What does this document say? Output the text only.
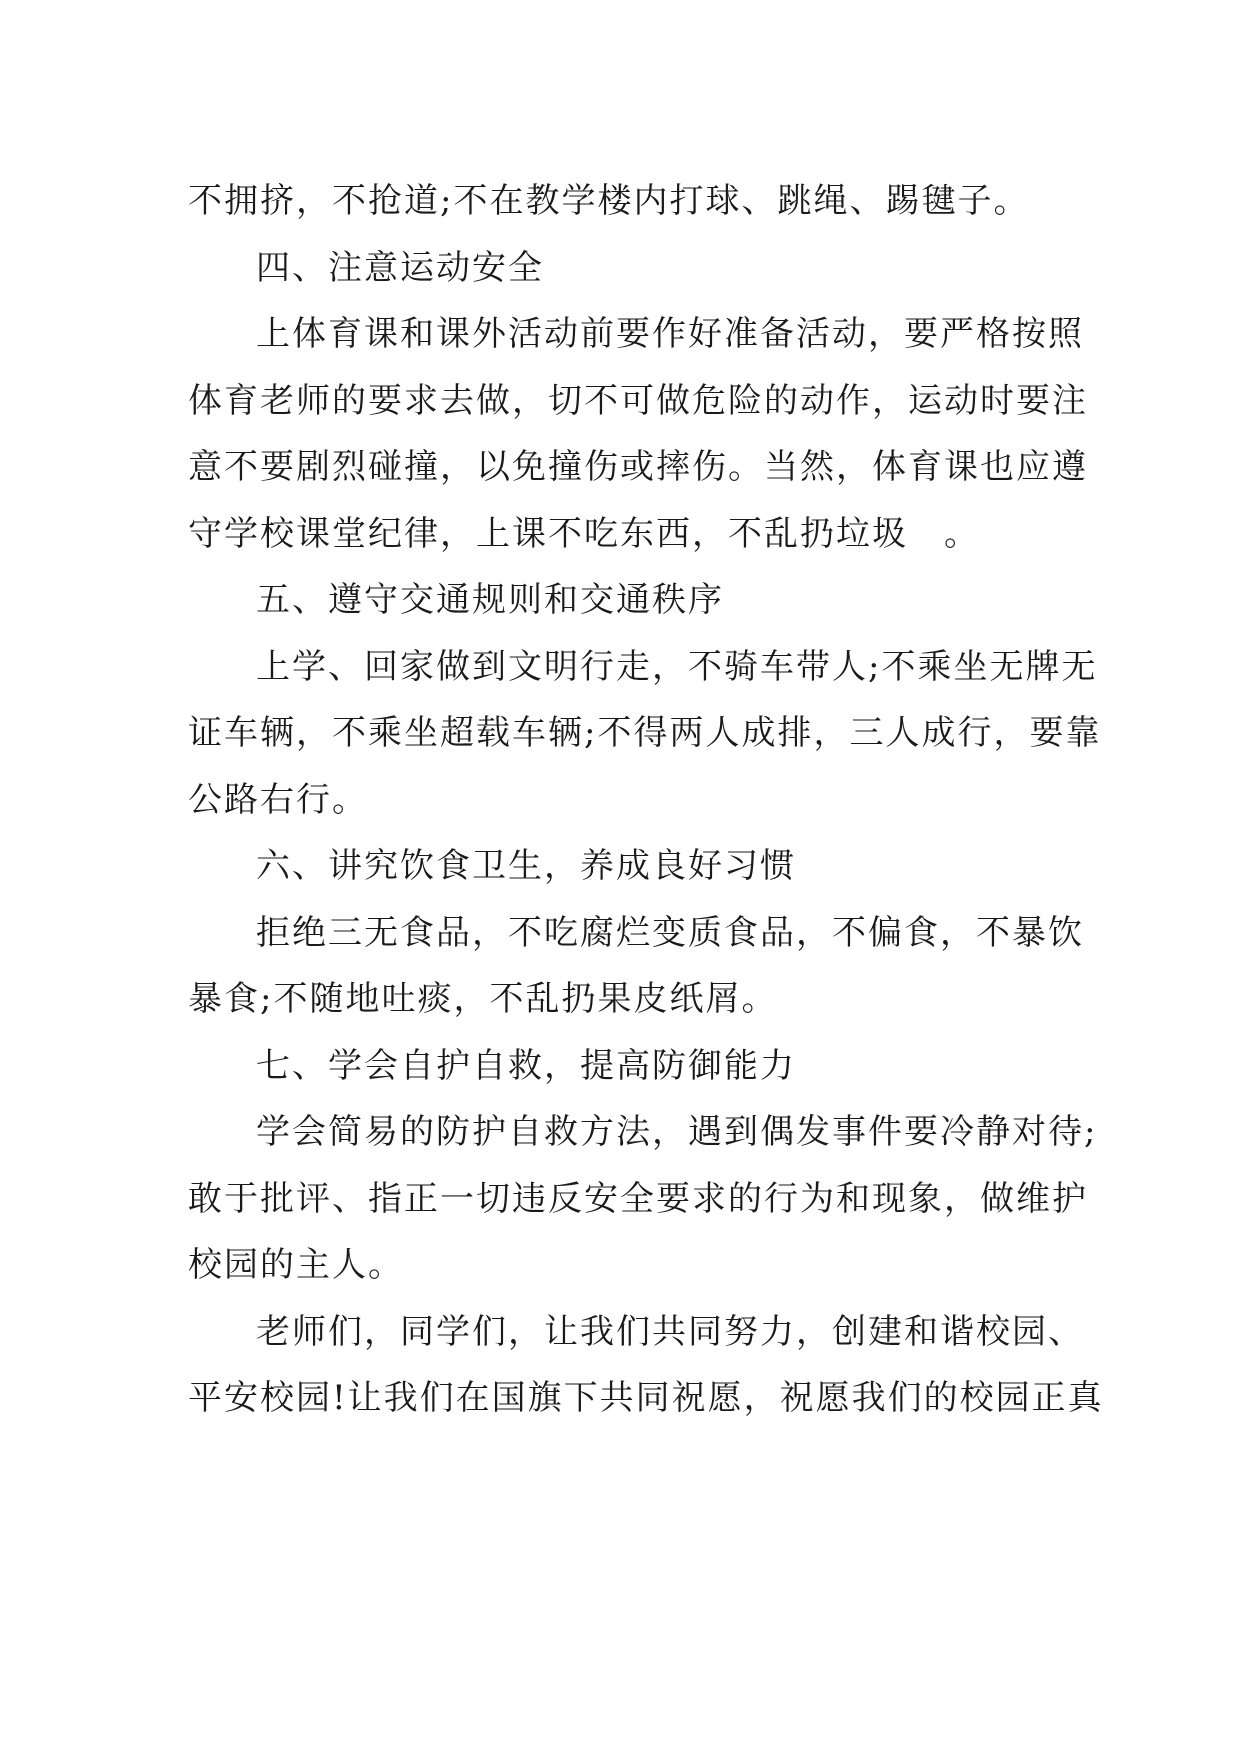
不拥挤，不抢道;不在教学楼内打球、跳绳、踢毽子。
四、注意运动安全
上体育课和课外活动前要作好准备活动，要严格按照
体育老师的要求去做，切不可做危险的动作，运动时要注
意不要剧烈碰撞，以免撞伤或摔伤。当然，体育课也应遵
守学校课堂纪律，上课不吃东西，不乱扔垃圾　。
五、遵守交通规则和交通秩序
上学、回家做到文明行走，不骑车带人;不乘坐无牌无
证车辆，不乘坐超载车辆;不得两人成排，三人成行，要靠
公路右行。
六、讲究饮食卫生，养成良好习惯
拒绝三无食品，不吃腐烂变质食品，不偏食，不暴饮
暴食;不随地吐痰，不乱扔果皮纸屑。
七、学会自护自救，提高防御能力
学会简易的防护自救方法，遇到偶发事件要冷静对待;
敢于批评、指正一切违反安全要求的行为和现象，做维护
校园的主人。
老师们，同学们，让我们共同努力，创建和谐校园、
平安校园!让我们在国旗下共同祝愿，祝愿我们的校园正真
